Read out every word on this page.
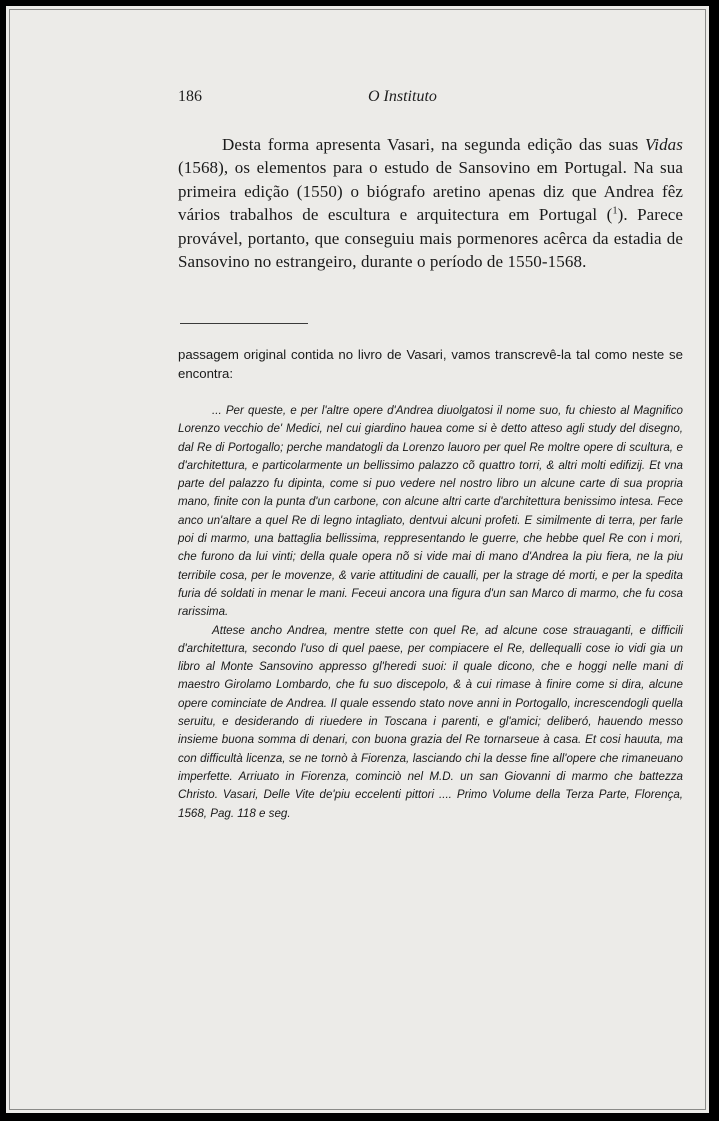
186	O Instituto

Desta forma apresenta Vasari, na segunda edição das suas Vidas (1568), os elementos para o estudo de Sansovino em Portugal. Na sua primeira edição (1550) o biógrafo aretino apenas diz que Andrea fêz vários trabalhos de escultura e arquitectura em Portugal ($^1$). Parece provável, portanto, que conseguiu mais pormenores acêrca da estadia de Sansovino no estrangeiro, durante o período de 1550-1568.

passagem original contida no livro de Vasari, vamos transcrevê-la tal como neste se encontra:

... Per queste, e per l'altre opere d'Andrea diuolgatosi il nome suo, fu chiesto al Magnifico Lorenzo vecchio de' Medici, nel cui giardino hauea come si è detto atteso agli study del disegno, dal Re di Portogallo; perche mandatogli da Lorenzo lauoro per quel Re moltre opere di scultura, e d'architettura, e particolarmente un bellissimo palazzo cõ quattro torri, & altri molti edifizij. Et vna parte del palazzo fu dipinta, come si puo vedere nel nostro libro un alcune carte di sua propria mano, finite con la punta d'un carbone, con alcune altri carte d'architettura benissimo intesa. Fece anco un'altare a quel Re di legno intagliato, dentvui alcuni profeti. E similmente di terra, per farle poi di marmo, una battaglia bellissima, reppresentando le guerre, che hebbe quel Re con i mori, che furono da lui vinti; della quale opera nõ si vide mai di mano d'Andrea la piu fiera, ne la piu terribile cosa, per le movenze, & varie attitudini de caualli, per la strage dé morti, e per la spedita furia dé soldati in menar le mani. Feceui ancora una figura d'un san Marco di marmo, che fu cosa rarissima.

Attese ancho Andrea, mentre stette con quel Re, ad alcune cose strauaganti, e difficili d'architettura, secondo l'uso di quel paese, per compiacere el Re, dellequalli cose io vidi gia un libro al Monte Sansovino appresso gl'heredi suoi: il quale dicono, che e hoggi nelle mani di maestro Girolamo Lombardo, che fu suo discepolo, & à cui rimase à finire come si dira, alcune opere cominciate de Andrea. Il quale essendo stato nove anni in Portogallo, increscendogli quella seruitu, e desiderando di riuedere in Toscana i parenti, e gl'amici; deliberó, hauendo messo insieme buona somma di denari, con buona grazia del Re tornarseue à casa. Et cosi hauuta, ma con difficultà licenza, se ne tornò à Fiorenza, lasciando chi la desse fine all'opere che rimaneuano imperfette. Arriuato in Fiorenza, cominciò nel M.D. un san Giovanni di marmo che battezza Christo. Vasari, Delle Vite de'piu eccelenti pittori .... Primo Volume della Terza Parte, Florença, 1568, Pag. 118 e seg.
